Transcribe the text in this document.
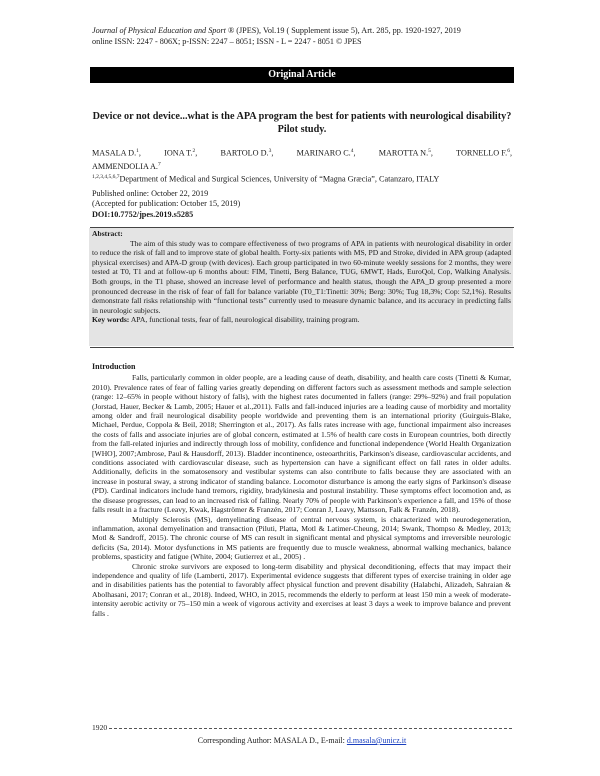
Journal of Physical Education and Sport ® (JPES), Vol.19 ( Supplement issue 5), Art. 285, pp. 1920-1927, 2019
online ISSN: 2247 - 806X; p-ISSN: 2247 – 8051; ISSN - L = 2247 - 8051 © JPES
Original Article
Device or not device...what is the APA program the best for patients with neurological disability? Pilot study.
MASALA D.$^1$,	IONA T.$^2$,	BARTOLO D.$^3$,	MARINARO C.$^4$,	MAROTTA N.$^5$,	TORNELLO F.$^6$,
AMMENDOLIA A.$^7$
$^{1,2,3,4,5,6,7}$Department of Medical and Surgical Sciences, University of “Magna Græcia”, Catanzaro, ITALY
Published online: October 22, 2019
(Accepted for publication: October 15, 2019)
DOI:10.7752/jpes.2019.s5285
Abstract:
The aim of this study was to compare effectiveness of two programs of APA in patients with neurological disability in order to reduce the risk of fall and to improve state of global health. Forty-six patients with MS, PD and Stroke, divided in APA group (adapted physical exercises) and APA-D group (with devices). Each group participated in two 60-minute weekly sessions for 2 months, they were tested at T0, T1 and at follow-up 6 months about: FIM, Tinetti, Berg Balance, TUG, 6MWT, Hads, EuroQol, Cop, Walking Analysis. Both groups, in the T1 phase, showed an increase level of performance and health status, though the APA_D group presented a more pronounced decrease in the risk of fear of fall for balance variable (T0_T1:Tinetti: 30%; Berg: 30%; Tug 18,3%; Cop: 52,1%). Results demonstrate fall risks relationship with “functional tests” currently used to measure dynamic balance, and its accuracy in predicting falls in neurologic subjects.
Key words: APA, functional tests, fear of fall, neurological disability, training program.
Introduction

Falls, particularly common in older people, are a leading cause of death, disability, and health care costs (Tinetti & Kumar, 2010). Prevalence rates of fear of falling varies greatly depending on different factors such as assessment methods and sample selection (range: 12–65% in people without history of falls), with the highest rates documented in fallers (range: 29%–92%) and frail population (Jorstad, Hauer, Becker & Lamb, 2005; Hauer et al.,2011). Falls and fall-induced injuries are a leading cause of morbidity and mortality among older and frail neurological disability people worldwide and preventing them is an international priority (Guirguis-Blake, Michael, Perdue, Coppola & Beil, 2018; Sherrington et al., 2017). As falls rates increase with age, functional impairment also increases the costs of falls and associate injuries are of global concern, estimated at 1.5% of health care costs in European countries, both directly from the fall-related injuries and indirectly through loss of mobility, confidence and functional independence (World Health Organization [WHO], 2007;Ambrose, Paul & Hausdorff, 2013). Bladder incontinence, osteoarthritis, Parkinson's disease, cardiovascular accidents, and conditions associated with cardiovascular disease, such as hypertension can have a significant effect on fall rates in older adults. Additionally, deficits in the somatosensory and vestibular systems can also contribute to falls because they are associated with an increase in postural sway, a strong indicator of standing balance. Locomotor disturbance is among the early signs of Parkinson's disease (PD). Cardinal indicators include hand tremors, rigidity, bradykinesia and postural instability. These symptoms effect locomotion and, as the disease progresses, can lead to an increased risk of falling. Nearly 70% of people with Parkinson's experience a fall, and 15% of those falls result in a fracture (Leavy, Kwak, Hagströmer & Franzén, 2017; Conran J, Leavy, Mattsson, Falk & Franzén, 2018).

Multiply Sclerosis (MS), demyelinating disease of central nervous system, is characterized with neurodegeneration, inflammation, axonal demyelination and transaction (Piluti, Platta, Motl & Latimer-Cheung, 2014; Swank, Thompso & Medley, 2013; Motl & Sandroff, 2015). The chronic course of MS can result in significant mental and physical symptoms and irreversible neurologic deficits (Sa, 2014). Motor dysfunctions in MS patients are frequently due to muscle weakness, abnormal walking mechanics, balance problems, spasticity and fatigue (White, 2004; Gutierrez et al., 2005) .

Chronic stroke survivors are exposed to long-term disability and physical deconditioning, effects that may impact their independence and quality of life (Lamberti, 2017). Experimental evidence suggests that different types of exercise training in older age and in disabilities patients has the potential to favorably affect physical function and prevent disability (Halabchi, Alizadeh, Sahraian & Abolhasani, 2017; Conran et al., 2018). Indeed, WHO, in 2015, recommends the elderly to perform at least 150 min a week of moderate-intensity aerobic activity or 75–150 min a week of vigorous activity and exercises at least 3 days a week to improve balance and prevent falls .

1920
Corresponding Author: MASALA D., E-mail: d.masala@unicz.it
